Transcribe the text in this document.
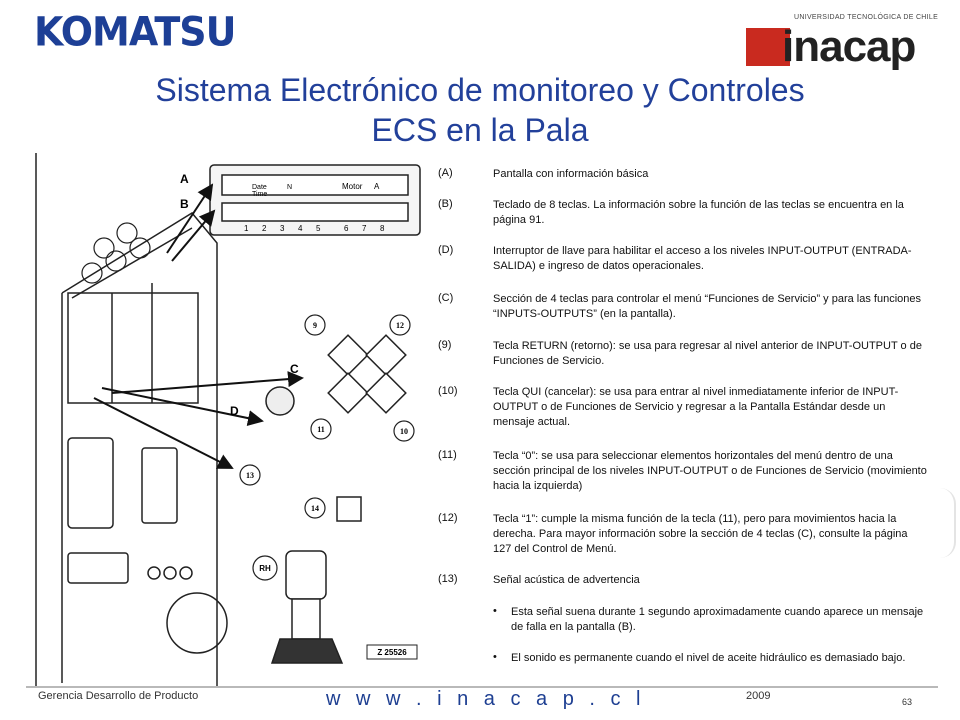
KOMATSU	UNIVERSIDAD TECNOLÓGICA DE CHILE
inacap
Sistema Electrónico de monitoreo y Controles
ECS en la Pala
Date
Time
N	Motor A
1 2 3 4 5	6 7 8
A
B
C
D
9	12
11	10
13
14
RH
Z 25526
(A)	Pantalla con información básica
(B)	Teclado de 8 teclas. La información sobre la función de las teclas se encuentra en la página 91.
(D)	Interruptor de llave para habilitar el acceso a los niveles INPUT-OUTPUT (ENTRADA-SALIDA) e ingreso de datos operacionales.
(C)	Sección de 4 teclas para controlar el menú “Funciones de Servicio” y para las funciones “INPUTS-OUTPUTS” (en la pantalla).
(9)	Tecla RETURN (retorno): se usa para regresar al nivel anterior de INPUT-OUTPUT o de Funciones de Servicio.
(10)	Tecla QUI (cancelar): se usa para entrar al nivel inmediatamente inferior de INPUT-OUTPUT o de Funciones de Servicio y regresar a la Pantalla Estándar desde un mensaje actual.
(11)	Tecla “0”: se usa para seleccionar elementos horizontales del menú dentro de una sección principal de los niveles INPUT-OUTPUT o de Funciones de Servicio (movimiento hacia la izquierda)
(12)	Tecla “1”: cumple la misma función de la tecla (11), pero para movimientos hacia la derecha. Para mayor información sobre la sección de 4 teclas (C), consulte la página 127 del Control de Menú.
(13)	Señal acústica de advertencia
• Esta señal suena durante 1 segundo aproximadamente cuando aparece un mensaje de falla en la pantalla (B).
• El sonido es permanente cuando el nivel de aceite hidráulico es demasiado bajo.
Gerencia Desarrollo de Producto	w w w . i n a c a p . c l	2009	63
